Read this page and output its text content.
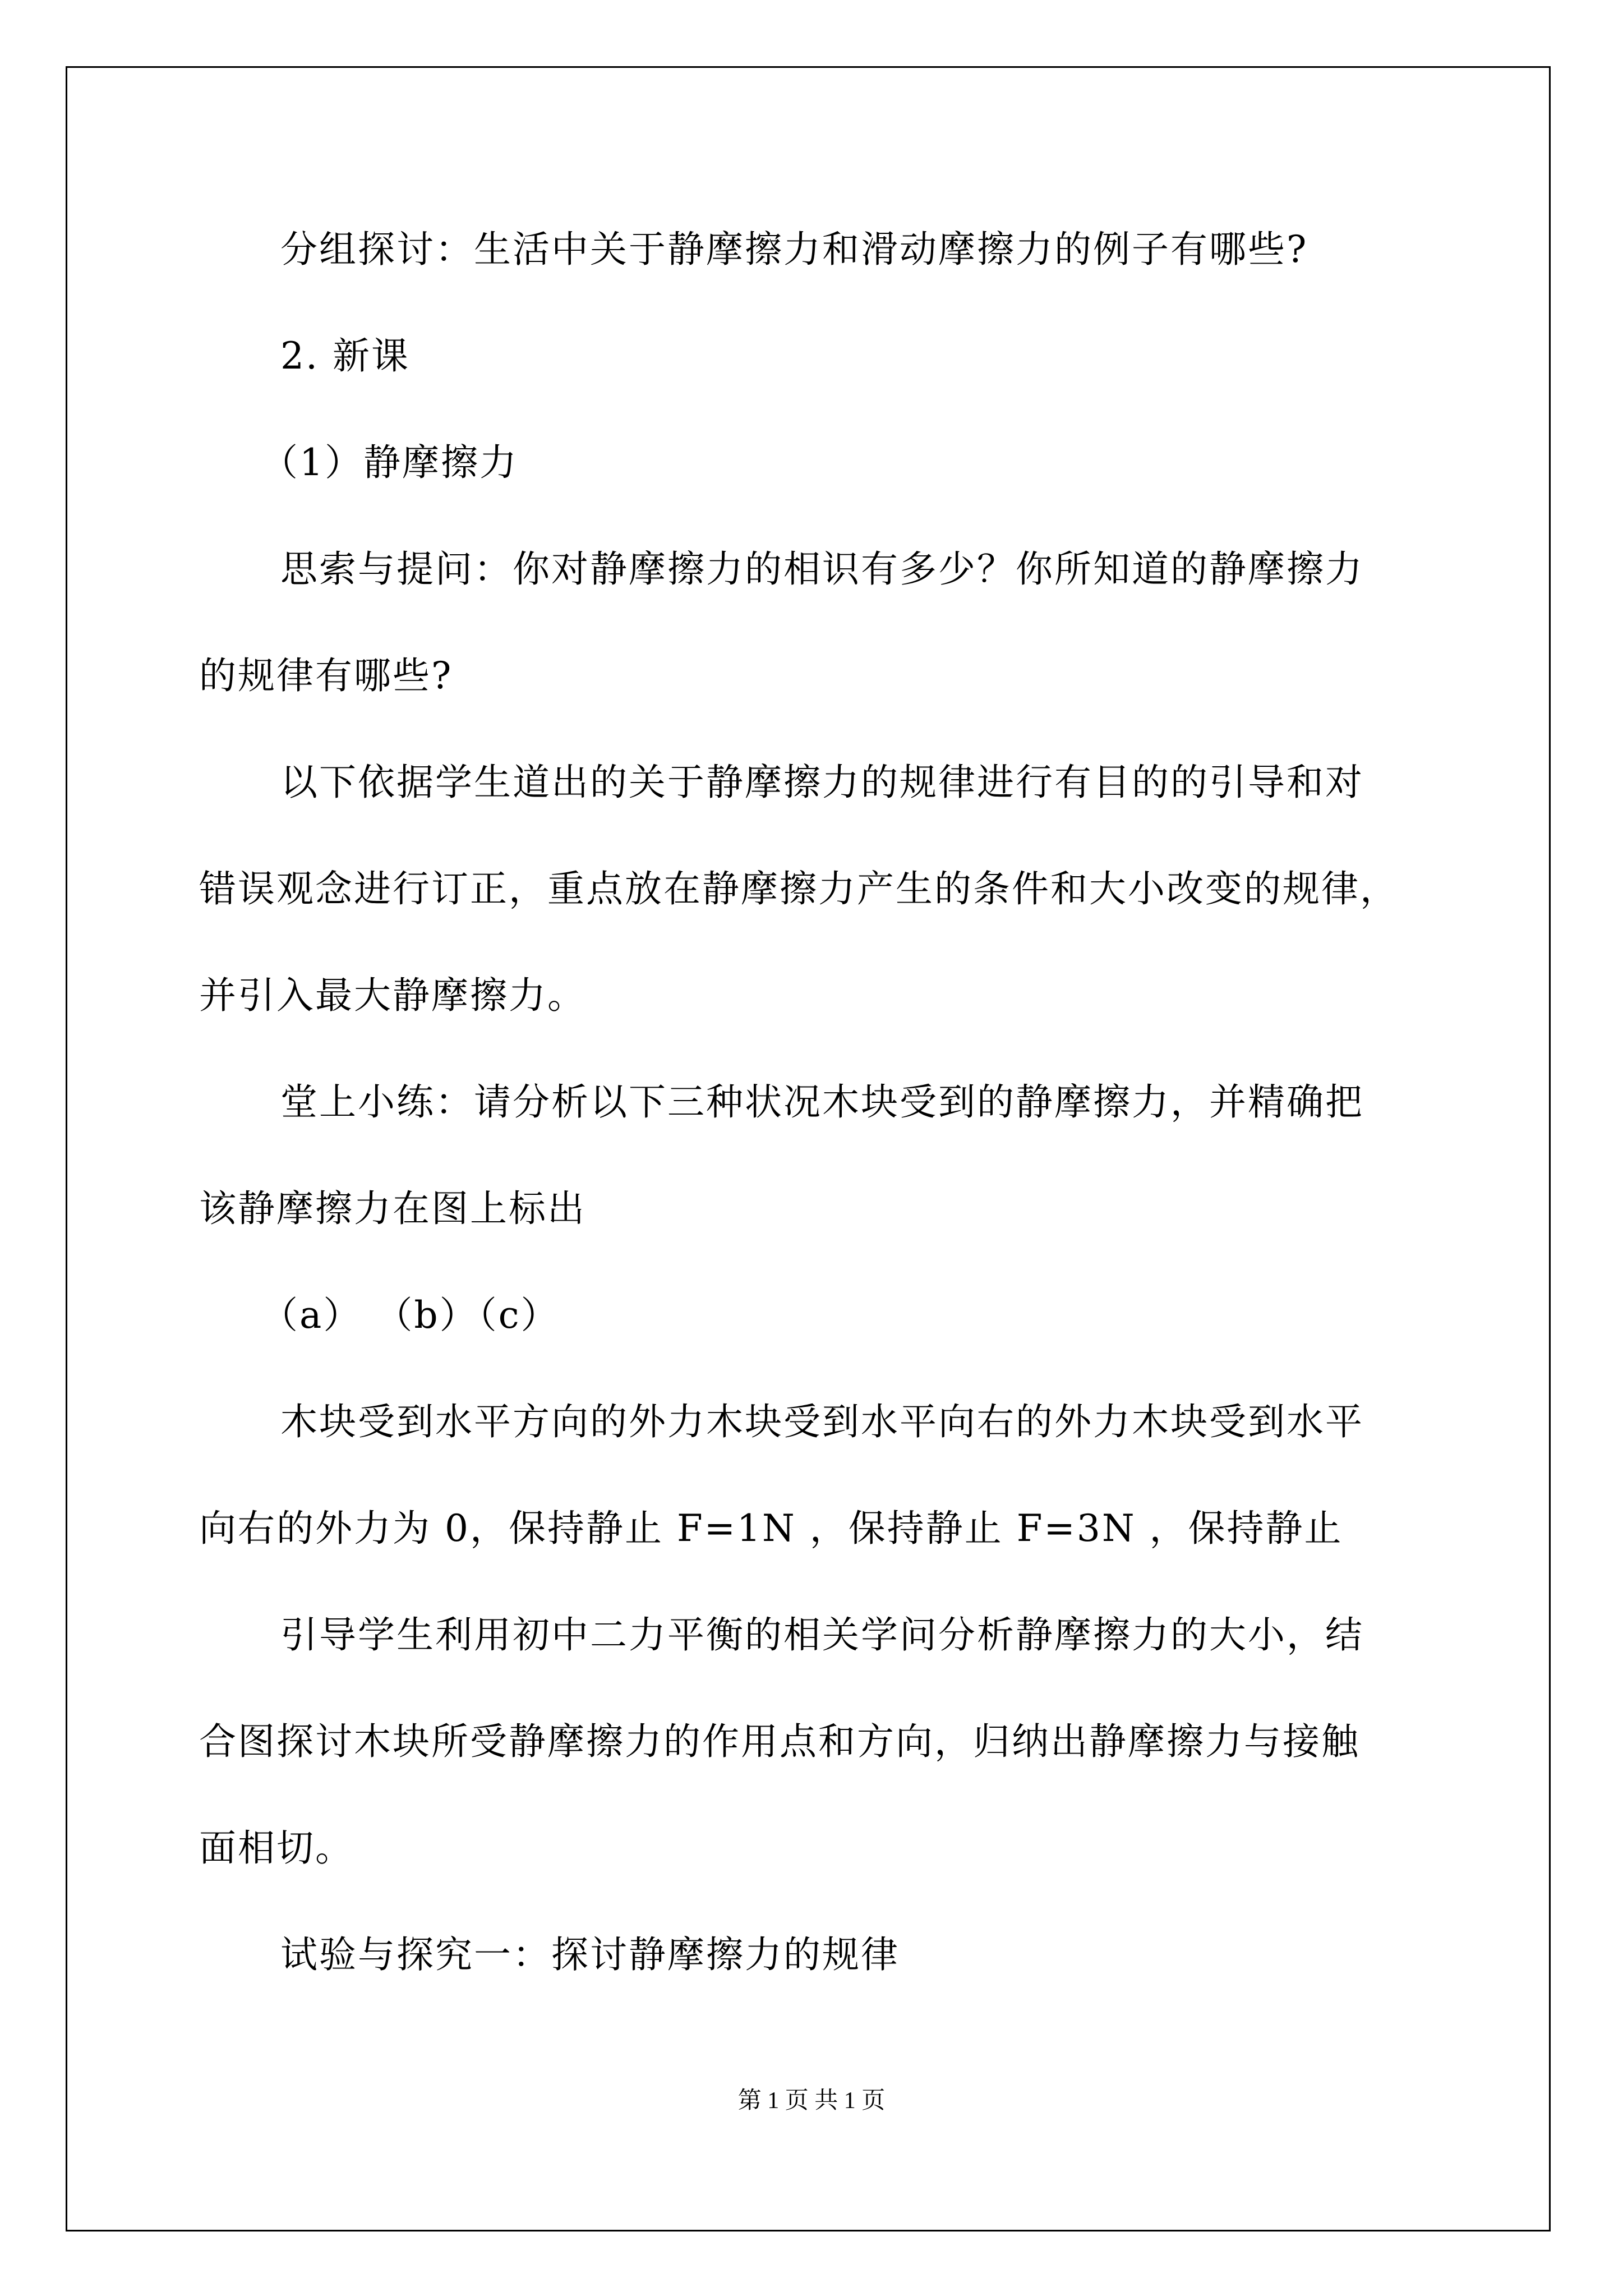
分组探讨：生活中关于静摩擦力和滑动摩擦力的例子有哪些?

2. 新课

（1）静摩擦力

思索与提问：你对静摩擦力的相识有多少？你所知道的静摩擦力

的规律有哪些?

以下依据学生道出的关于静摩擦力的规律进行有目的的引导和对

错误观念进行订正，重点放在静摩擦力产生的条件和大小改变的规律，

并引入最大静摩擦力。

堂上小练：请分析以下三种状况木块受到的静摩擦力，并精确把

该静摩擦力在图上标出

（a） （b）（c）

木块受到水平方向的外力木块受到水平向右的外力木块受到水平

向右的外力为 0，保持静止 F=1N ，保持静止 F=3N ，保持静止

引导学生利用初中二力平衡的相关学问分析静摩擦力的大小，结

合图探讨木块所受静摩擦力的作用点和方向，归纳出静摩擦力与接触

面相切。

试验与探究一：探讨静摩擦力的规律

第 1 页 共 1 页
